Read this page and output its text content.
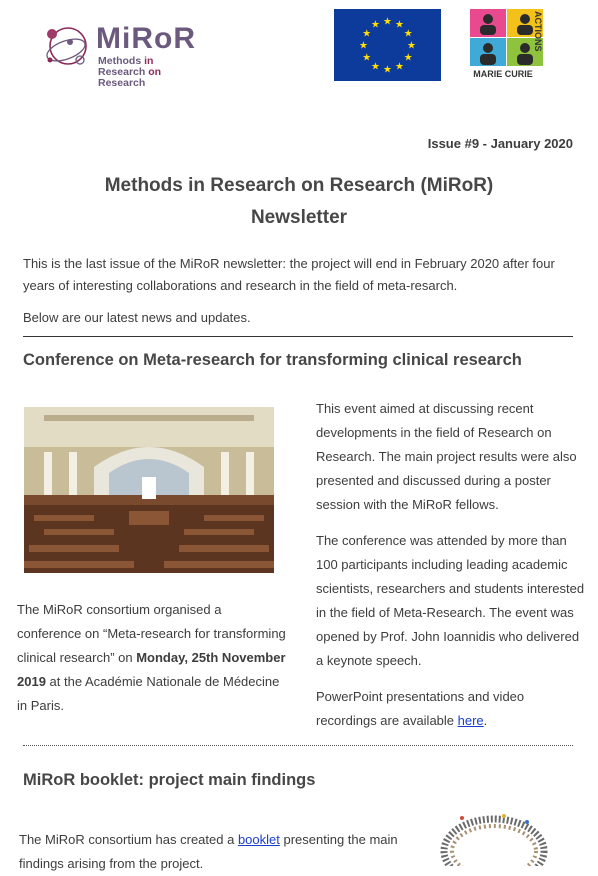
MiRoR
Methods in
Research on Research
★ ★
★
★
★
★
★
★
★
★
★
★
MARIE CURIE
ACTIONS
Issue #9 - January 2020
Methods in Research on Research (MiRoR)
Newsletter
This is the last issue of the MiRoR newsletter: the project will end in February 2020 after four years of interesting collaborations and research in the field of meta-resarch.
Below are our latest news and updates.
Conference on Meta-research for transforming clinical research
The MiRoR consortium organised a conference on “Meta-research for transforming clinical research” on Monday, 25th November 2019 at the Académie Nationale de Médecine in Paris.

This event aimed at discussing recent developments in the field of Research on Research. The main project results were also presented and discussed during a poster session with the MiRoR fellows.

The conference was attended by more than 100 participants including leading academic scientists, researchers and students interested in the field of Meta-Research. The event was opened by Prof. John Ioannidis who delivered a keynote speech.

PowerPoint presentations and video recordings are available here.

MiRoR booklet: project main findings
The MiRoR consortium has created a booklet presenting the main findings arising from the project.
